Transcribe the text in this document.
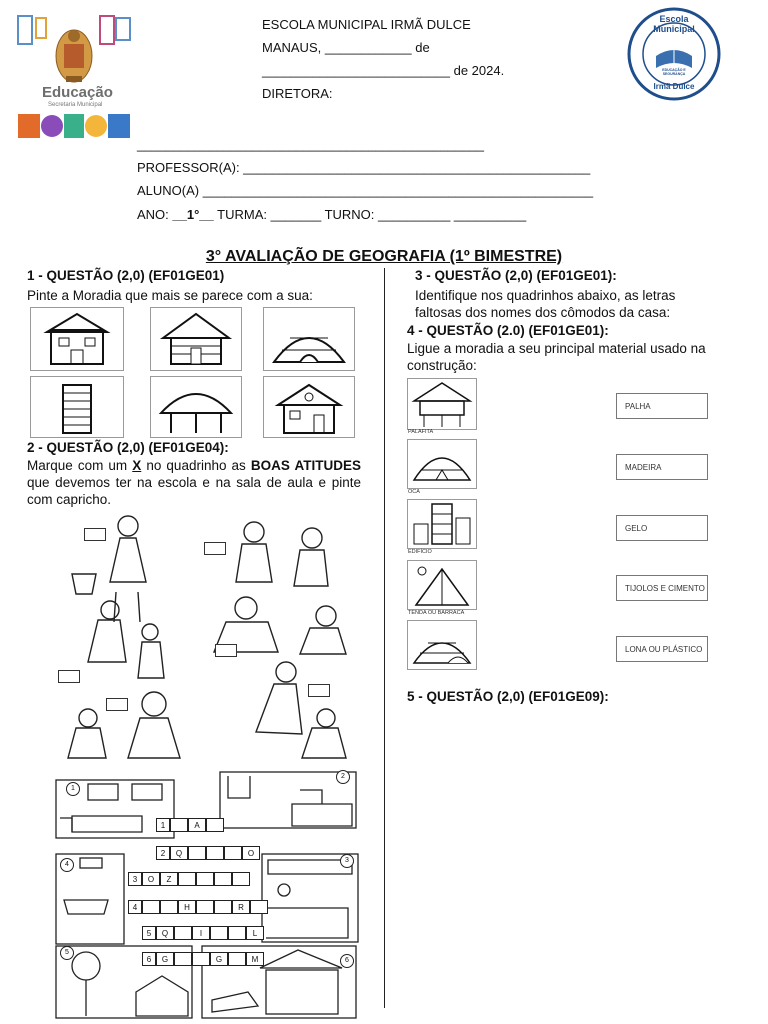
Educação
Secretaria Municipal
ESCOLA MUNICIPAL IRMÃ DULCE
MANAUS, ____________ de
__________________________ de 2024.
DIRETORA:
Escola Municipal
EDUCAÇÃO E SEGURANÇA
Irmã Dulce
________________________________________________
PROFESSOR(A): ________________________________________________
ALUNO(A) ______________________________________________________
ANO: __1°__ TURMA: _______ TURNO: __________ __________
3° AVALIAÇÃO DE GEOGRAFIA (1º BIMESTRE)
1 - QUESTÃO (2,0) (EF01GE01)
Pinte a Moradia que mais se parece com a sua:
2 - QUESTÃO (2,0) (EF01GE04):
Marque com um X no quadrinho as BOAS ATITUDES que devemos ter na escola e na sala de aula e pinte com capricho.
1
2
3
4
5
6
1	A
2	Q	O
3	O	Z
4	H	R
5	Q	I	L
6	G	G	M
3 - QUESTÃO (2,0) (EF01GE01):
Identifique nos quadrinhos abaixo, as letras faltosas dos nomes dos cômodos da casa:
4 - QUESTÃO (2.0) (EF01GE01):
Ligue a moradia a seu principal material usado na construção:
PALAFITA
OCA
EDIFÍCIO
TENDA OU BARRACA
PALHA
MADEIRA
GELO
TIJOLOS E CIMENTO
LONA OU PLÁSTICO
5 - QUESTÃO (2,0) (EF01GE09):
